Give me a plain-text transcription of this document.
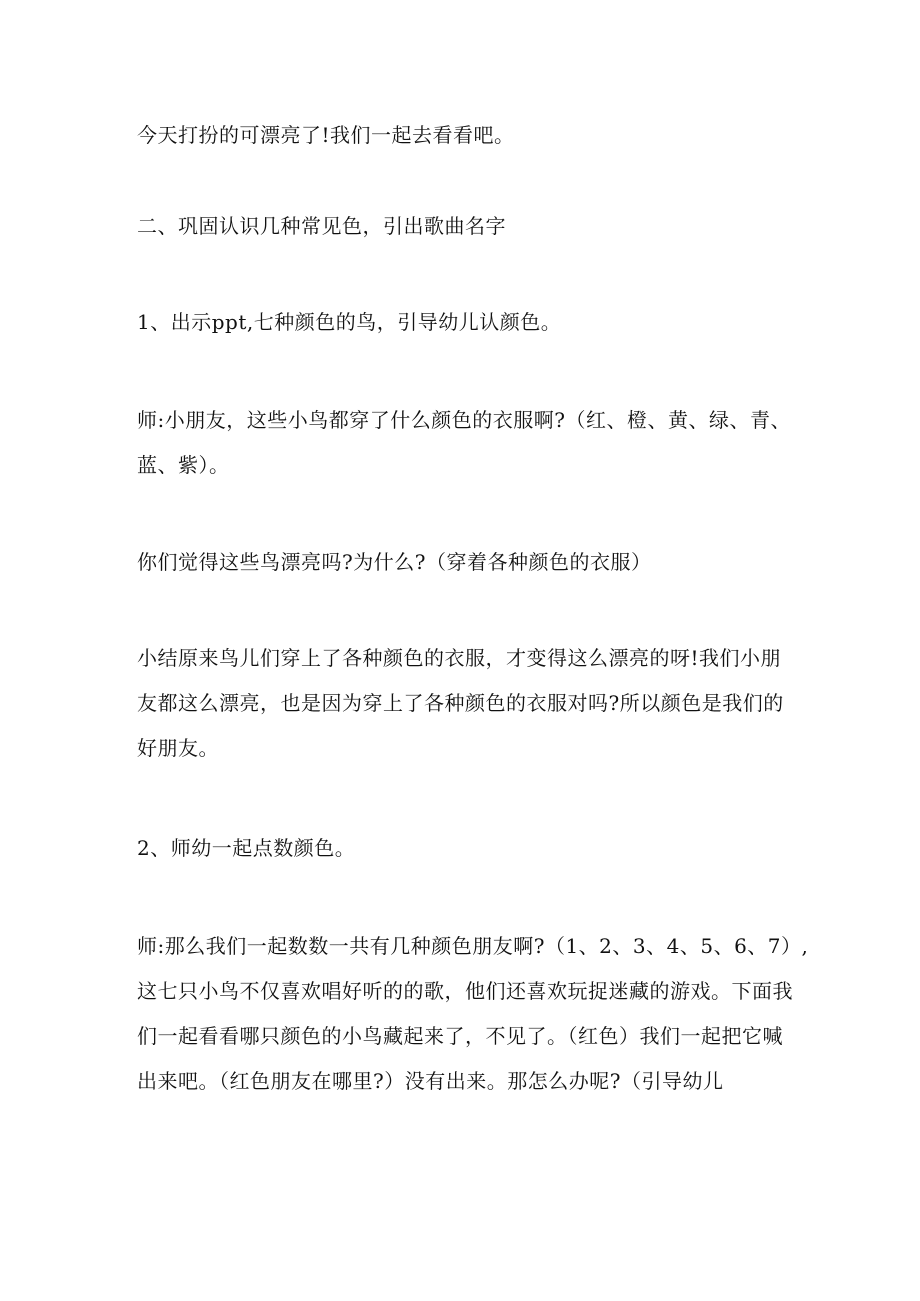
今天打扮的可漂亮了!我们一起去看看吧。

二、巩固认识几种常见色，引出歌曲名字

1、出示ppt,七种颜色的鸟，引导幼儿认颜色。

师:小朋友，这些小鸟都穿了什么颜色的衣服啊?（红、橙、黄、绿、青、
蓝、紫）。

你们觉得这些鸟漂亮吗?为什么?（穿着各种颜色的衣服）

小结原来鸟儿们穿上了各种颜色的衣服，才变得这么漂亮的呀!我们小朋
友都这么漂亮，也是因为穿上了各种颜色的衣服对吗?所以颜色是我们的
好朋友。

2、师幼一起点数颜色。

师:那么我们一起数数一共有几种颜色朋友啊?（1、2、3、4、5、6、7）,
这七只小鸟不仅喜欢唱好听的的歌，他们还喜欢玩捉迷藏的游戏。下面我
们一起看看哪只颜色的小鸟藏起来了，不见了。（红色）我们一起把它喊
出来吧。（红色朋友在哪里?）没有出来。那怎么办呢?（引导幼儿
